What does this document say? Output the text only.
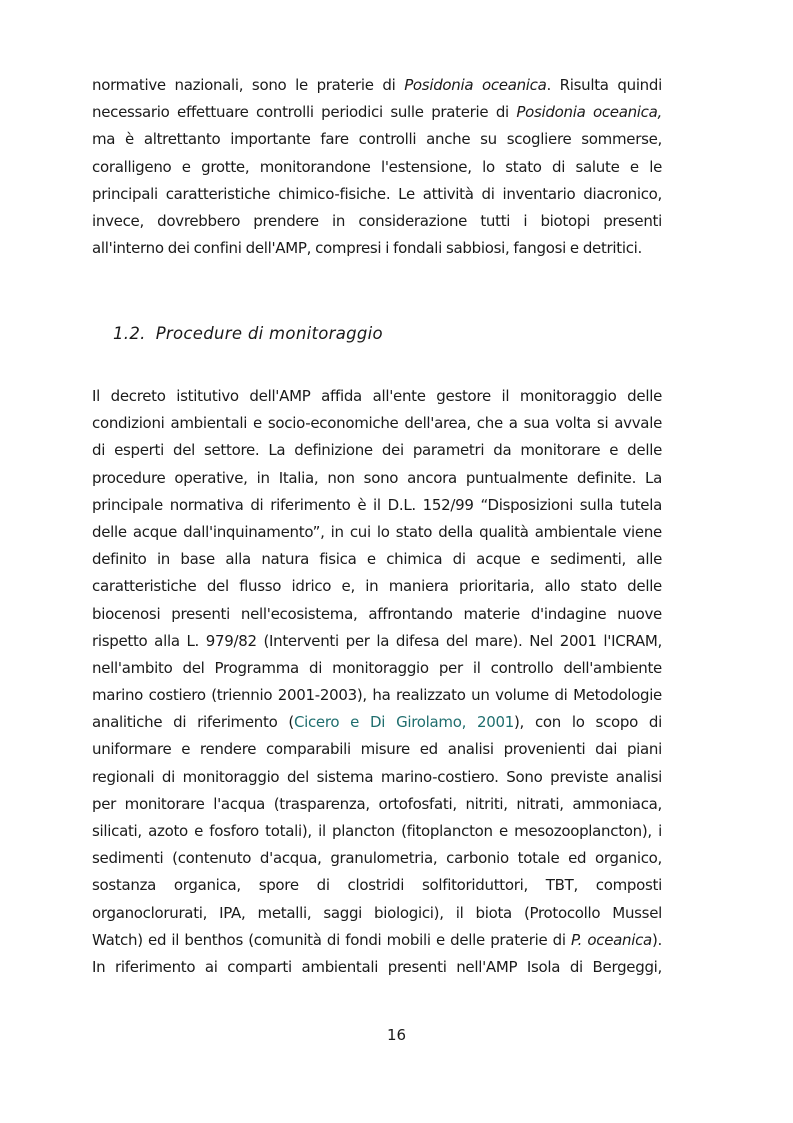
normative nazionali, sono le praterie di Posidonia oceanica. Risulta quindi
necessario effettuare controlli periodici sulle praterie di Posidonia oceanica,
ma è altrettanto importante fare controlli anche su scogliere sommerse,
coralligeno e grotte, monitorandone l'estensione, lo stato di salute e le
principali caratteristiche chimico-fisiche. Le attività di inventario diacronico,
invece, dovrebbero prendere in considerazione tutti i biotopi presenti
all'interno dei confini dell'AMP, compresi i fondali sabbiosi, fangosi e detritici.
1.2. Procedure di monitoraggio
Il decreto istitutivo dell'AMP affida all'ente gestore il monitoraggio delle
condizioni ambientali e socio-economiche dell'area, che a sua volta si avvale
di esperti del settore. La definizione dei parametri da monitorare e delle
procedure operative, in Italia, non sono ancora puntualmente definite. La
principale normativa di riferimento è il D.L. 152/99 “Disposizioni sulla tutela
delle acque dall'inquinamento”, in cui lo stato della qualità ambientale viene
definito in base alla natura fisica e chimica di acque e sedimenti, alle
caratteristiche del flusso idrico e, in maniera prioritaria, allo stato delle
biocenosi presenti nell'ecosistema, affrontando materie d'indagine nuove
rispetto alla L. 979/82 (Interventi per la difesa del mare). Nel 2001 l'ICRAM,
nell'ambito del Programma di monitoraggio per il controllo dell'ambiente
marino costiero (triennio 2001-2003), ha realizzato un volume di Metodologie
analitiche di riferimento (Cicero e Di Girolamo, 2001), con lo scopo di
uniformare e rendere comparabili misure ed analisi provenienti dai piani
regionali di monitoraggio del sistema marino-costiero. Sono previste analisi
per monitorare l'acqua (trasparenza, ortofosfati, nitriti, nitrati, ammoniaca,
silicati, azoto e fosforo totali), il plancton (fitoplancton e mesozooplancton), i
sedimenti (contenuto d'acqua, granulometria, carbonio totale ed organico,
sostanza organica, spore di clostridi solfitoriduttori, TBT, composti
organoclorurati, IPA, metalli, saggi biologici), il biota (Protocollo Mussel
Watch) ed il benthos (comunità di fondi mobili e delle praterie di P. oceanica).
In riferimento ai comparti ambientali presenti nell'AMP Isola di Bergeggi,
16
